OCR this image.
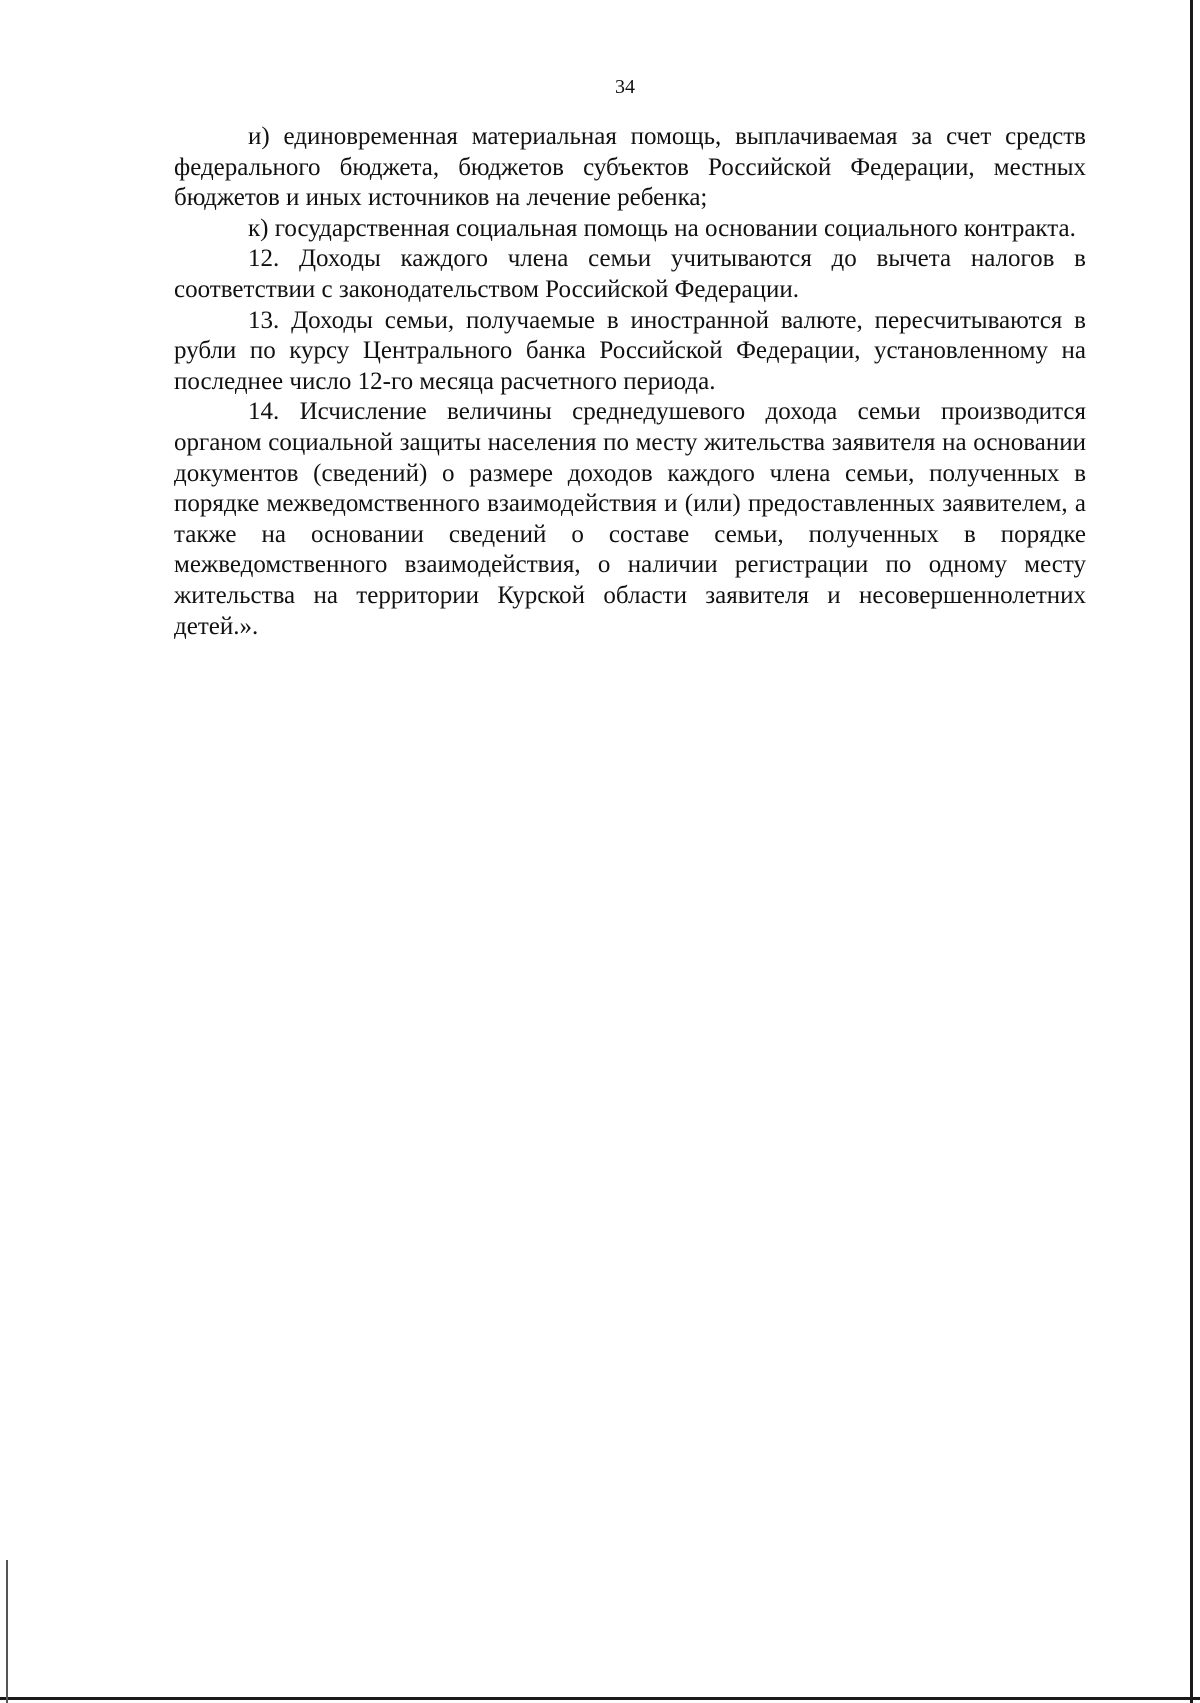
34

и) единовременная материальная помощь, выплачиваемая за счет средств федерального бюджета, бюджетов субъектов Российской Федерации, местных бюджетов и иных источников на лечение ребенка;

к) государственная социальная помощь на основании социального контракта.

12. Доходы каждого члена семьи учитываются до вычета налогов в соответствии с законодательством Российской Федерации.

13. Доходы семьи, получаемые в иностранной валюте, пересчитываются в рубли по курсу Центрального банка Российской Федерации, установленному на последнее число 12-го месяца расчетного периода.

14. Исчисление величины среднедушевого дохода семьи производится органом социальной защиты населения по месту жительства заявителя на основании документов (сведений) о размере доходов каждого члена семьи, полученных в порядке межведомственного взаимодействия и (или) предоставленных заявителем, а также на основании сведений о составе семьи, полученных в порядке межведомственного взаимодействия, о наличии регистрации по одному месту жительства на территории Курской области заявителя и несовершеннолетних детей.».
